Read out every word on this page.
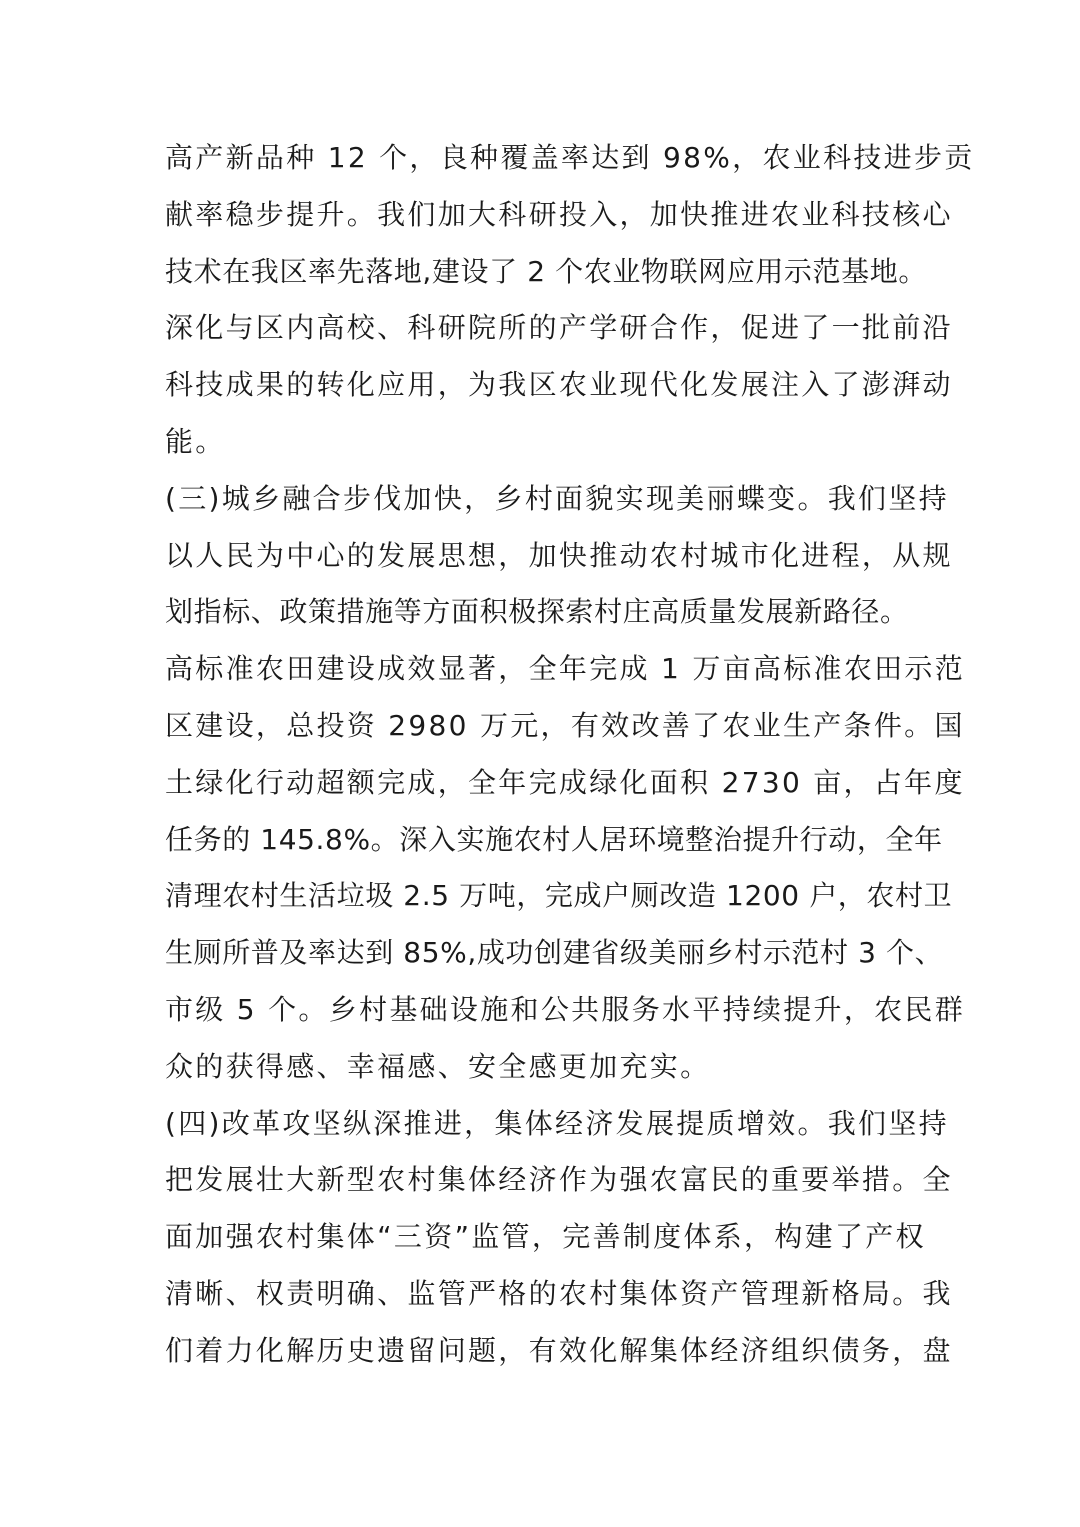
高产新品种 12 个，良种覆盖率达到 98%，农业科技进步贡
献率稳步提升。我们加大科研投入，加快推进农业科技核心
技术在我区率先落地,建设了 2 个农业物联网应用示范基地。
深化与区内高校、科研院所的产学研合作，促进了一批前沿
科技成果的转化应用，为我区农业现代化发展注入了澎湃动
能。
(三)城乡融合步伐加快，乡村面貌实现美丽蝶变。我们坚持
以人民为中心的发展思想，加快推动农村城市化进程，从规
划指标、政策措施等方面积极探索村庄高质量发展新路径。
高标准农田建设成效显著，全年完成 1 万亩高标准农田示范
区建设，总投资 2980 万元，有效改善了农业生产条件。国
土绿化行动超额完成，全年完成绿化面积 2730 亩，占年度
任务的 145.8%。深入实施农村人居环境整治提升行动，全年
清理农村生活垃圾 2.5 万吨，完成户厕改造 1200 户，农村卫
生厕所普及率达到 85%,成功创建省级美丽乡村示范村 3 个、
市级 5 个。乡村基础设施和公共服务水平持续提升，农民群
众的获得感、幸福感、安全感更加充实。
(四)改革攻坚纵深推进，集体经济发展提质增效。我们坚持
把发展壮大新型农村集体经济作为强农富民的重要举措。全
面加强农村集体“三资”监管，完善制度体系，构建了产权
清晰、权责明确、监管严格的农村集体资产管理新格局。我
们着力化解历史遗留问题，有效化解集体经济组织债务，盘
